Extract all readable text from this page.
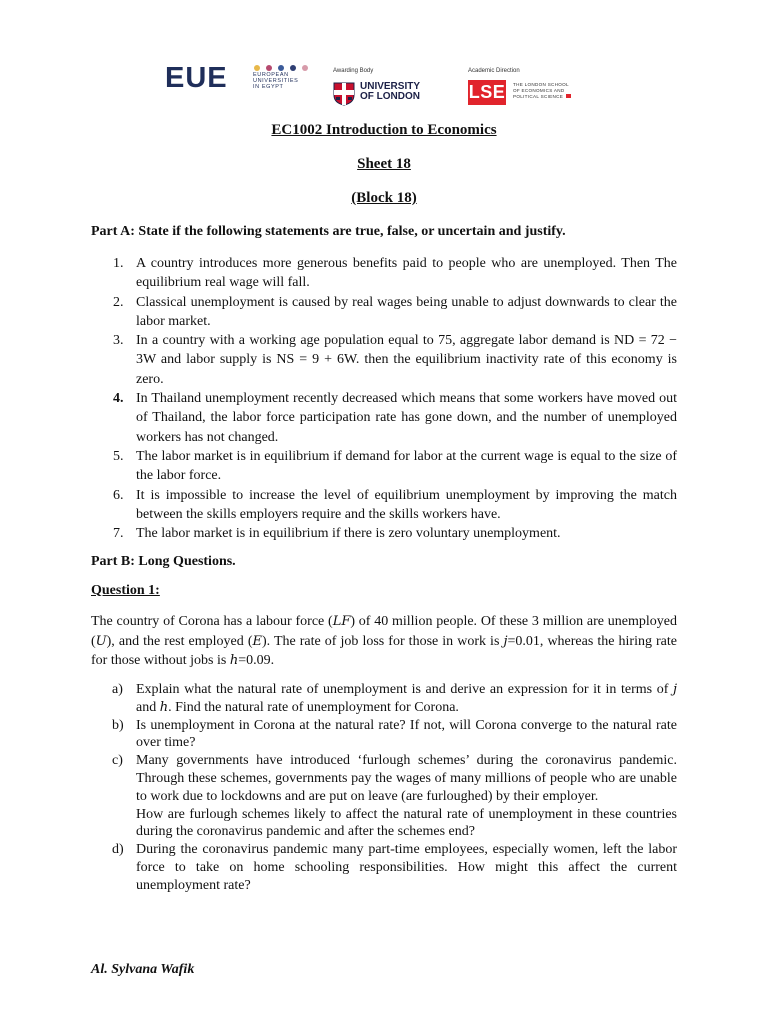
EUE	EUROPEAN
UNIVERSITIES
IN EGYPT
Awarding Body
UNIVERSITY
OF LONDON
Academic Direction
LSE THE LONDON SCHOOL
OF ECONOMICS AND
POLITICAL SCIENCE
EC1002 Introduction to Economics
Sheet 18
(Block 18)
Part A: State if the following statements are true, false, or uncertain and justify.
1. A country introduces more generous benefits paid to people who are unemployed. Then The equilibrium real wage will fall.
2. Classical unemployment is caused by real wages being unable to adjust downwards to clear the labor market.
3. In a country with a working age population equal to 75, aggregate labor demand is ND = 72 − 3W and labor supply is NS = 9 + 6W. then the equilibrium inactivity rate of this economy is zero.
4. In Thailand unemployment recently decreased which means that some workers have moved out of Thailand, the labor force participation rate has gone down, and the number of unemployed workers has not changed.
5. The labor market is in equilibrium if demand for labor at the current wage is equal to the size of the labor force.
6. It is impossible to increase the level of equilibrium unemployment by improving the match between the skills employers require and the skills workers have.
7. The labor market is in equilibrium if there is zero voluntary unemployment.
Part B: Long Questions.
Question 1:
The country of Corona has a labour force (LF) of 40 million people. Of these 3 million are unemployed (U), and the rest employed (E). The rate of job loss for those in work is j=0.01, whereas the hiring rate for those without jobs is h=0.09.
a) Explain what the natural rate of unemployment is and derive an expression for it in terms of j and h. Find the natural rate of unemployment for Corona.
b) Is unemployment in Corona at the natural rate? If not, will Corona converge to the natural rate over time?
c) Many governments have introduced ‘furlough schemes’ during the coronavirus pandemic. Through these schemes, governments pay the wages of many millions of people who are unable to work due to lockdowns and are put on leave (are furloughed) by their employer.
How are furlough schemes likely to affect the natural rate of unemployment in these countries during the coronavirus pandemic and after the schemes end?
d) During the coronavirus pandemic many part-time employees, especially women, left the labor force to take on home schooling responsibilities. How might this affect the current unemployment rate?
Al. Sylvana Wafik
